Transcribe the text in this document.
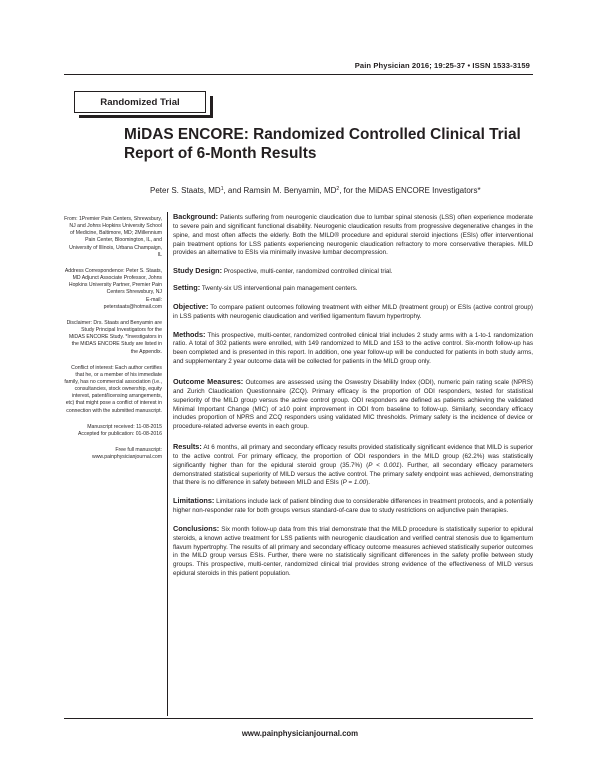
Pain Physician 2016; 19:25-37 • ISSN 1533-3159
Randomized Trial
MiDAS ENCORE: Randomized Controlled Clinical Trial Report of 6-Month Results

Peter S. Staats, $MD^1$, and Ramsin M. Benyamin, $MD^2$, for the MiDAS ENCORE Investigators*

From: 1Premier Pain Centers, Shrewsbury, NJ and Johns Hopkins University School of Medicine, Baltimore, MD; 2Millennium Pain Center, Bloomington, IL, and University of Illinois, Urbana Champaign, IL

Address Correspondence: Peter S. Staats, MD Adjunct Associate Professor, Johns Hopkins University Partner, Premier Pain Centers Shrewsbury, NJ
E-mail:
peterstaats@hotmail.com

Disclaimer: Drs. Staats and Benyamin are Study Principal Investigators for the MiDAS ENCORE Study. *Investigators in the MiDAS ENCORE Study are listed in the Appendix.

Conflict of interest: Each author certifies that he, or a member of his immediate family, has no commercial association (i.e., consultancies, stock ownership, equity interest, patent/licensing arrangements, etc) that might pose a conflict of interest in connection with the submitted manuscript.

Manuscript received: 11-08-2015
Accepted for publication: 01-08-2016

Free full manuscript:
www.painphysicianjournal.com

Background: Patients suffering from neurogenic claudication due to lumbar spinal stenosis (LSS) often experience moderate to severe pain and significant functional disability. Neurogenic claudication results from progressive degenerative changes in the spine, and most often affects the elderly. Both the MILD® procedure and epidural steroid injections (ESIs) offer interventional pain treatment options for LSS patients experiencing neurogenic claudication refractory to more conservative therapies. MILD provides an alternative to ESIs via minimally invasive lumbar decompression.

Study Design: Prospective, multi-center, randomized controlled clinical trial.

Setting: Twenty-six US interventional pain management centers.

Objective: To compare patient outcomes following treatment with either MILD (treatment group) or ESIs (active control group) in LSS patients with neurogenic claudication and verified ligamentum flavum hypertrophy.

Methods: This prospective, multi-center, randomized controlled clinical trial includes 2 study arms with a 1-to-1 randomization ratio. A total of 302 patients were enrolled, with 149 randomized to MILD and 153 to the active control. Six-month follow-up has been completed and is presented in this report. In addition, one year follow-up will be conducted for patients in both study arms, and supplementary 2 year outcome data will be collected for patients in the MILD group only.

Outcome Measures: Outcomes are assessed using the Oswestry Disability Index (ODI), numeric pain rating scale (NPRS) and Zurich Claudication Questionnaire (ZCQ). Primary efficacy is the proportion of ODI responders, tested for statistical superiority of the MILD group versus the active control group. ODI responders are defined as patients achieving the validated Minimal Important Change (MIC) of ≥10 point improvement in ODI from baseline to follow-up. Similarly, secondary efficacy includes proportion of NPRS and ZCQ responders using validated MIC thresholds. Primary safety is the incidence of device or procedure-related adverse events in each group.

Results: At 6 months, all primary and secondary efficacy results provided statistically significant evidence that MILD is superior to the active control. For primary efficacy, the proportion of ODI responders in the MILD group (62.2%) was statistically significantly higher than for the epidural steroid group (35.7%) ( P < 0.001 ) . Further, all secondary efficacy parameters demonstrated statistical superiority of MILD versus the active control. The primary safety endpoint was achieved, demonstrating that there is no difference in safety between MILD and ESIs ( P = 1.00 ) .

Limitations: Limitations include lack of patient blinding due to considerable differences in treatment protocols, and a potentially higher non-responder rate for both groups versus standard-of-care due to study restrictions on adjunctive pain therapies.

Conclusions: Six month follow-up data from this trial demonstrate that the MILD procedure is statistically superior to epidural steroids, a known active treatment for LSS patients with neurogenic claudication and verified central stenosis due to ligamentum flavum hypertrophy. The results of all primary and secondary efficacy outcome measures achieved statistically superior outcomes in the MILD group versus ESIs. Further, there were no statistically significant differences in the safety profile between study groups. This prospective, multi-center, randomized clinical trial provides strong evidence of the effectiveness of MILD versus epidural steroids in this patient population.

www.painphysicianjournal.com
